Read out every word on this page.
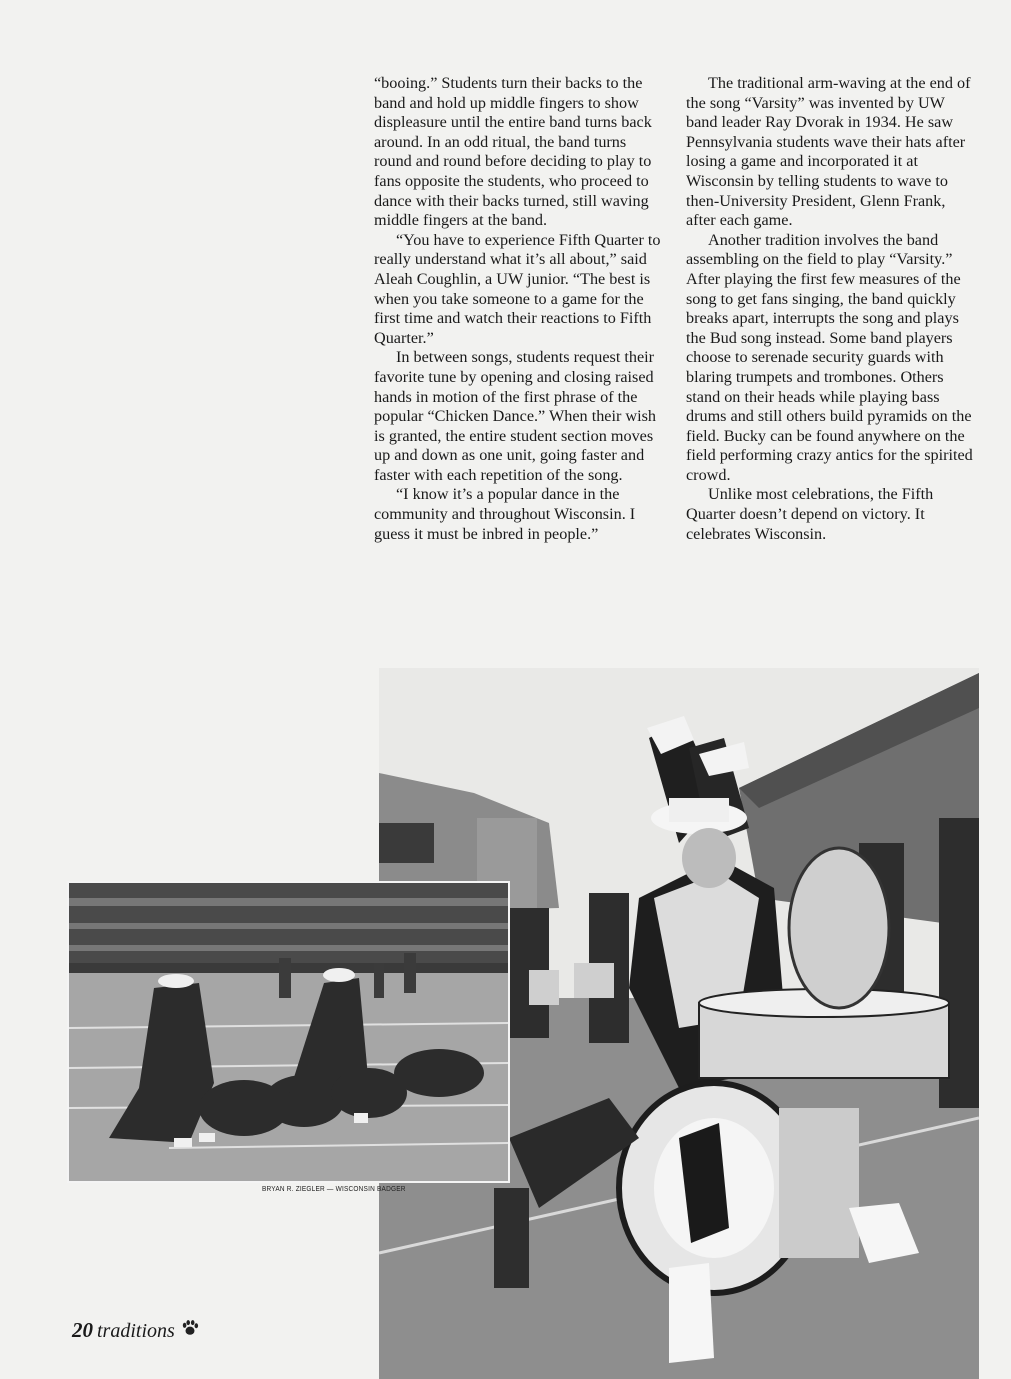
“booing.” Students turn their backs to the band and hold up middle fingers to show displeasure until the entire band turns back around. In an odd ritual, the band turns round and round before deciding to play to fans opposite the students, who proceed to dance with their backs turned, still waving middle fingers at the band.

“You have to experience Fifth Quarter to really understand what it’s all about,” said Aleah Coughlin, a UW junior. “The best is when you take someone to a game for the first time and watch their reactions to Fifth Quarter.”

In between songs, students request their favorite tune by opening and closing raised hands in motion of the first phrase of the popular “Chicken Dance.” When their wish is granted, the entire student section moves up and down as one unit, going faster and faster with each repetition of the song.

“I know it’s a popular dance in the community and throughout Wisconsin. I guess it must be inbred in people.”

The traditional arm-waving at the end of the song “Varsity” was invented by UW band leader Ray Dvorak in 1934. He saw Pennsylvania students wave their hats after losing a game and incorporated it at Wisconsin by telling students to wave to then-University President, Glenn Frank, after each game.

Another tradition involves the band assembling on the field to play “Varsity.” After playing the first few measures of the song to get fans singing, the band quickly breaks apart, interrupts the song and plays the Bud song instead. Some band players choose to serenade security guards with blaring trumpets and trombones. Others stand on their heads while playing bass drums and still others build pyramids on the field. Bucky can be found anywhere on the field performing crazy antics for the spirited crowd.

Unlike most celebrations, the Fifth Quarter doesn’t depend on victory. It celebrates Wisconsin.

BRYAN R. ZIEGLER — WISCONSIN BADGER
20 traditions
